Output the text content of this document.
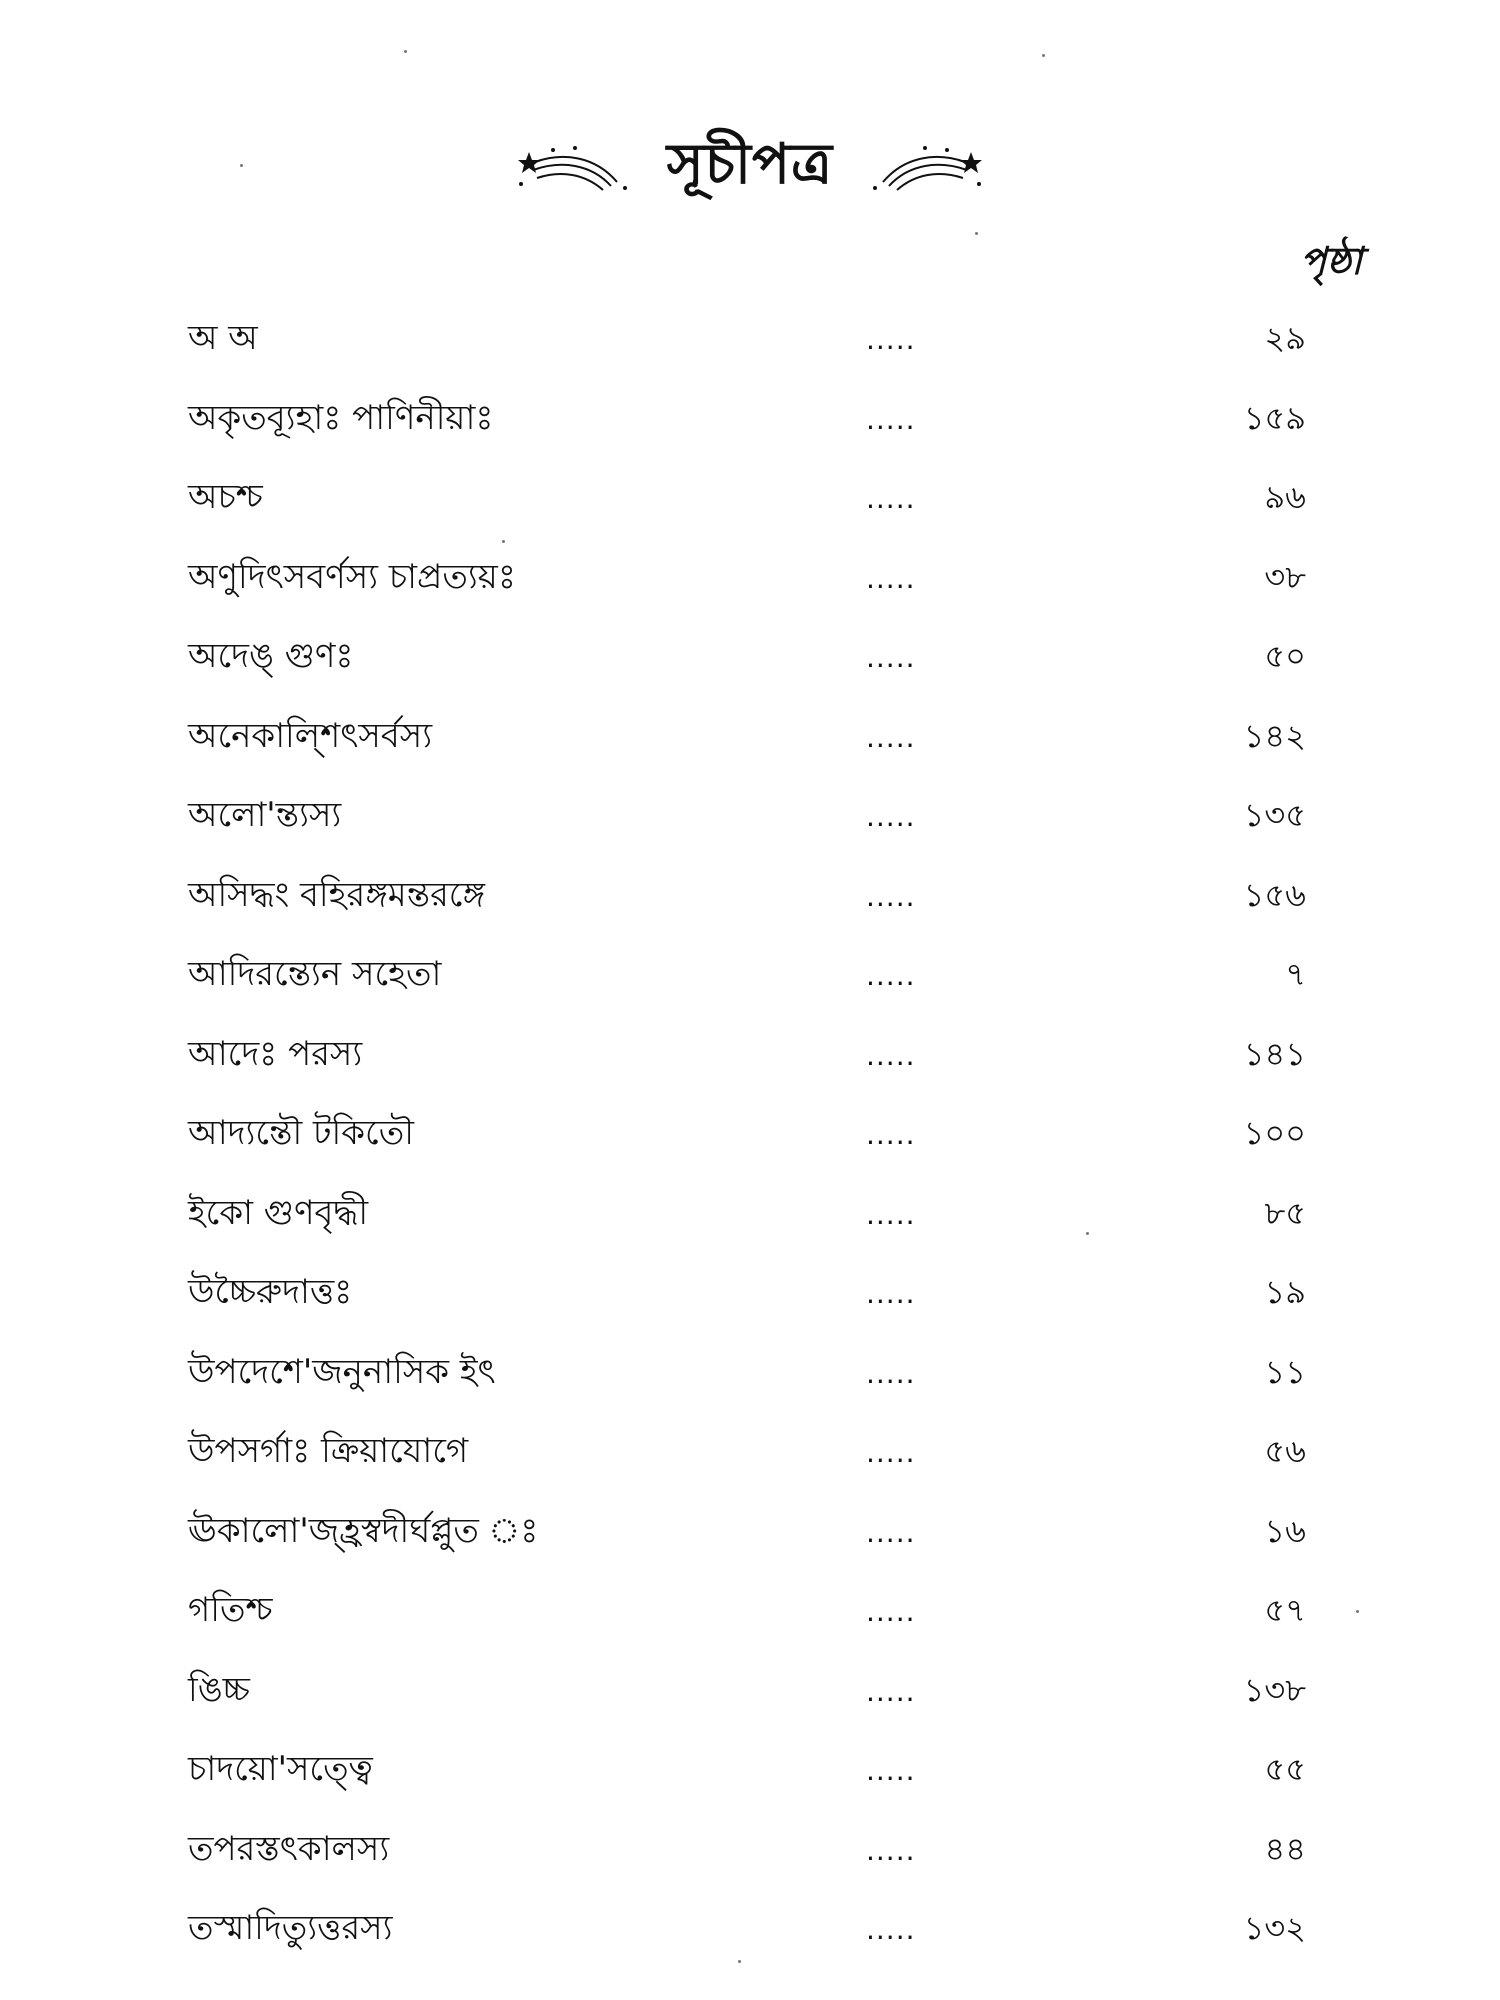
সূচীপত্র
পৃষ্ঠা
অ অ	.....	২৯
অকৃতব্যূহাঃ পাণিনীয়াঃ	.....	১৫৯
অচশ্চ	.....	৯৬
অণুদিৎসবর্ণস্য চাপ্রত্যয়ঃ	.....	৩৮
অদেঙ্ গুণঃ	.....	৫০
অনেকাল্শিৎসর্বস্য	.....	১৪২
অলো'ন্ত্যস্য	.....	১৩৫
অসিদ্ধং বহিরঙ্গমন্তরঙ্গে	.....	১৫৬
আদিরন্ত্যেন সহেতা	.....	৭
আদেঃ পরস্য	.....	১৪১
আদ্যন্তৌ টকিতৌ	.....	১০০
ইকো গুণবৃদ্ধী	.....	৮৫
উচ্চৈরুদাত্তঃ	.....	১৯
উপদেশে'জনুনাসিক ইৎ	.....	১১
উপসর্গাঃ ক্রিয়াযোগে	.....	৫৬
ঊকালো'জ্হ্রস্বদীর্ঘপ্লুত ঃ	.....	১৬
গতিশ্চ	.....	৫৭
ঙিচ্চ	.....	১৩৮
চাদয়ো'সত্ত্বে	.....	৫৫
তপরস্তৎকালস্য	.....	৪৪
তস্মাদিত্যুত্তরস্য	.....	১৩২
